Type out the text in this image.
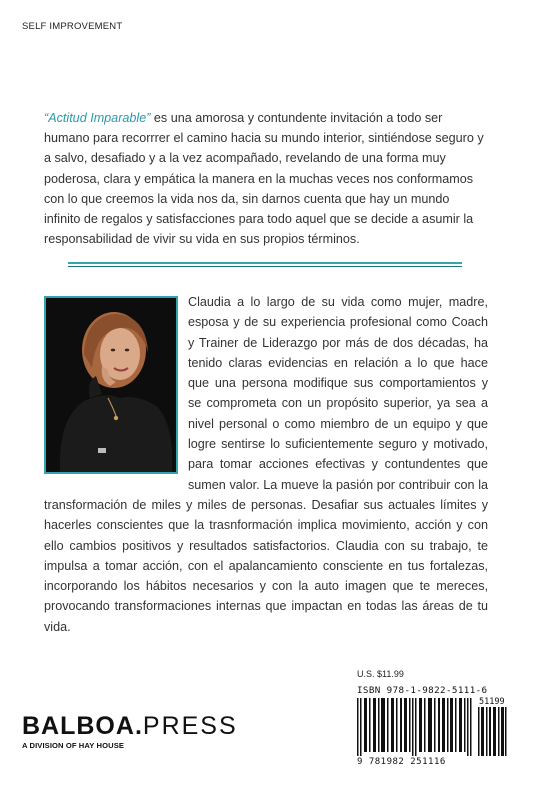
SELF IMPROVEMENT
“Actitud Imparable” es una amorosa y contundente invitación a todo ser humano para recorrrer el camino hacia su mundo interior, sintiéndose seguro y a salvo, desafiado y a la vez acompañado, revelando de una forma muy poderosa, clara y empática la manera en la muchas veces nos conformamos con lo que creemos la vida nos da, sin darnos cuenta que hay un mundo infinito de regalos y satisfacciones para todo aquel que se decide a asumir la responsabilidad de vivir su vida en sus propios términos.
Claudia a lo largo de su vida como mujer, madre, esposa y de su experiencia profesional como Coach y Trainer de Liderazgo por más de dos décadas, ha tenido claras evidencias en relación a lo que hace que una persona modifique sus comportamientos y se comprometa con un propósito superior, ya sea a nivel personal o como miembro de un equipo y que logre sentirse lo suficientemente seguro y motivado, para tomar acciones efectivas y contundentes que sumen valor. La mueve la pasión por contribuir con la transformación de miles y miles de personas. Desafiar sus actuales límites y hacerles conscientes que la trasnformación implica movimiento, acción y con ello cambios positivos y resultados satisfactorios. Claudia con su trabajo, te impulsa a tomar acción, con el apalancamiento consciente en tus fortalezas, incorporando los hábitos necesarios y con la auto imagen que te mereces, provocando transformaciones internas que impactan en todas las áreas de tu vida.
U.S. $11.99
ISBN 978-1-9822-5111-6
51199
9 781982 251116
BALBOA.PRESS
A DIVISION OF HAY HOUSE
